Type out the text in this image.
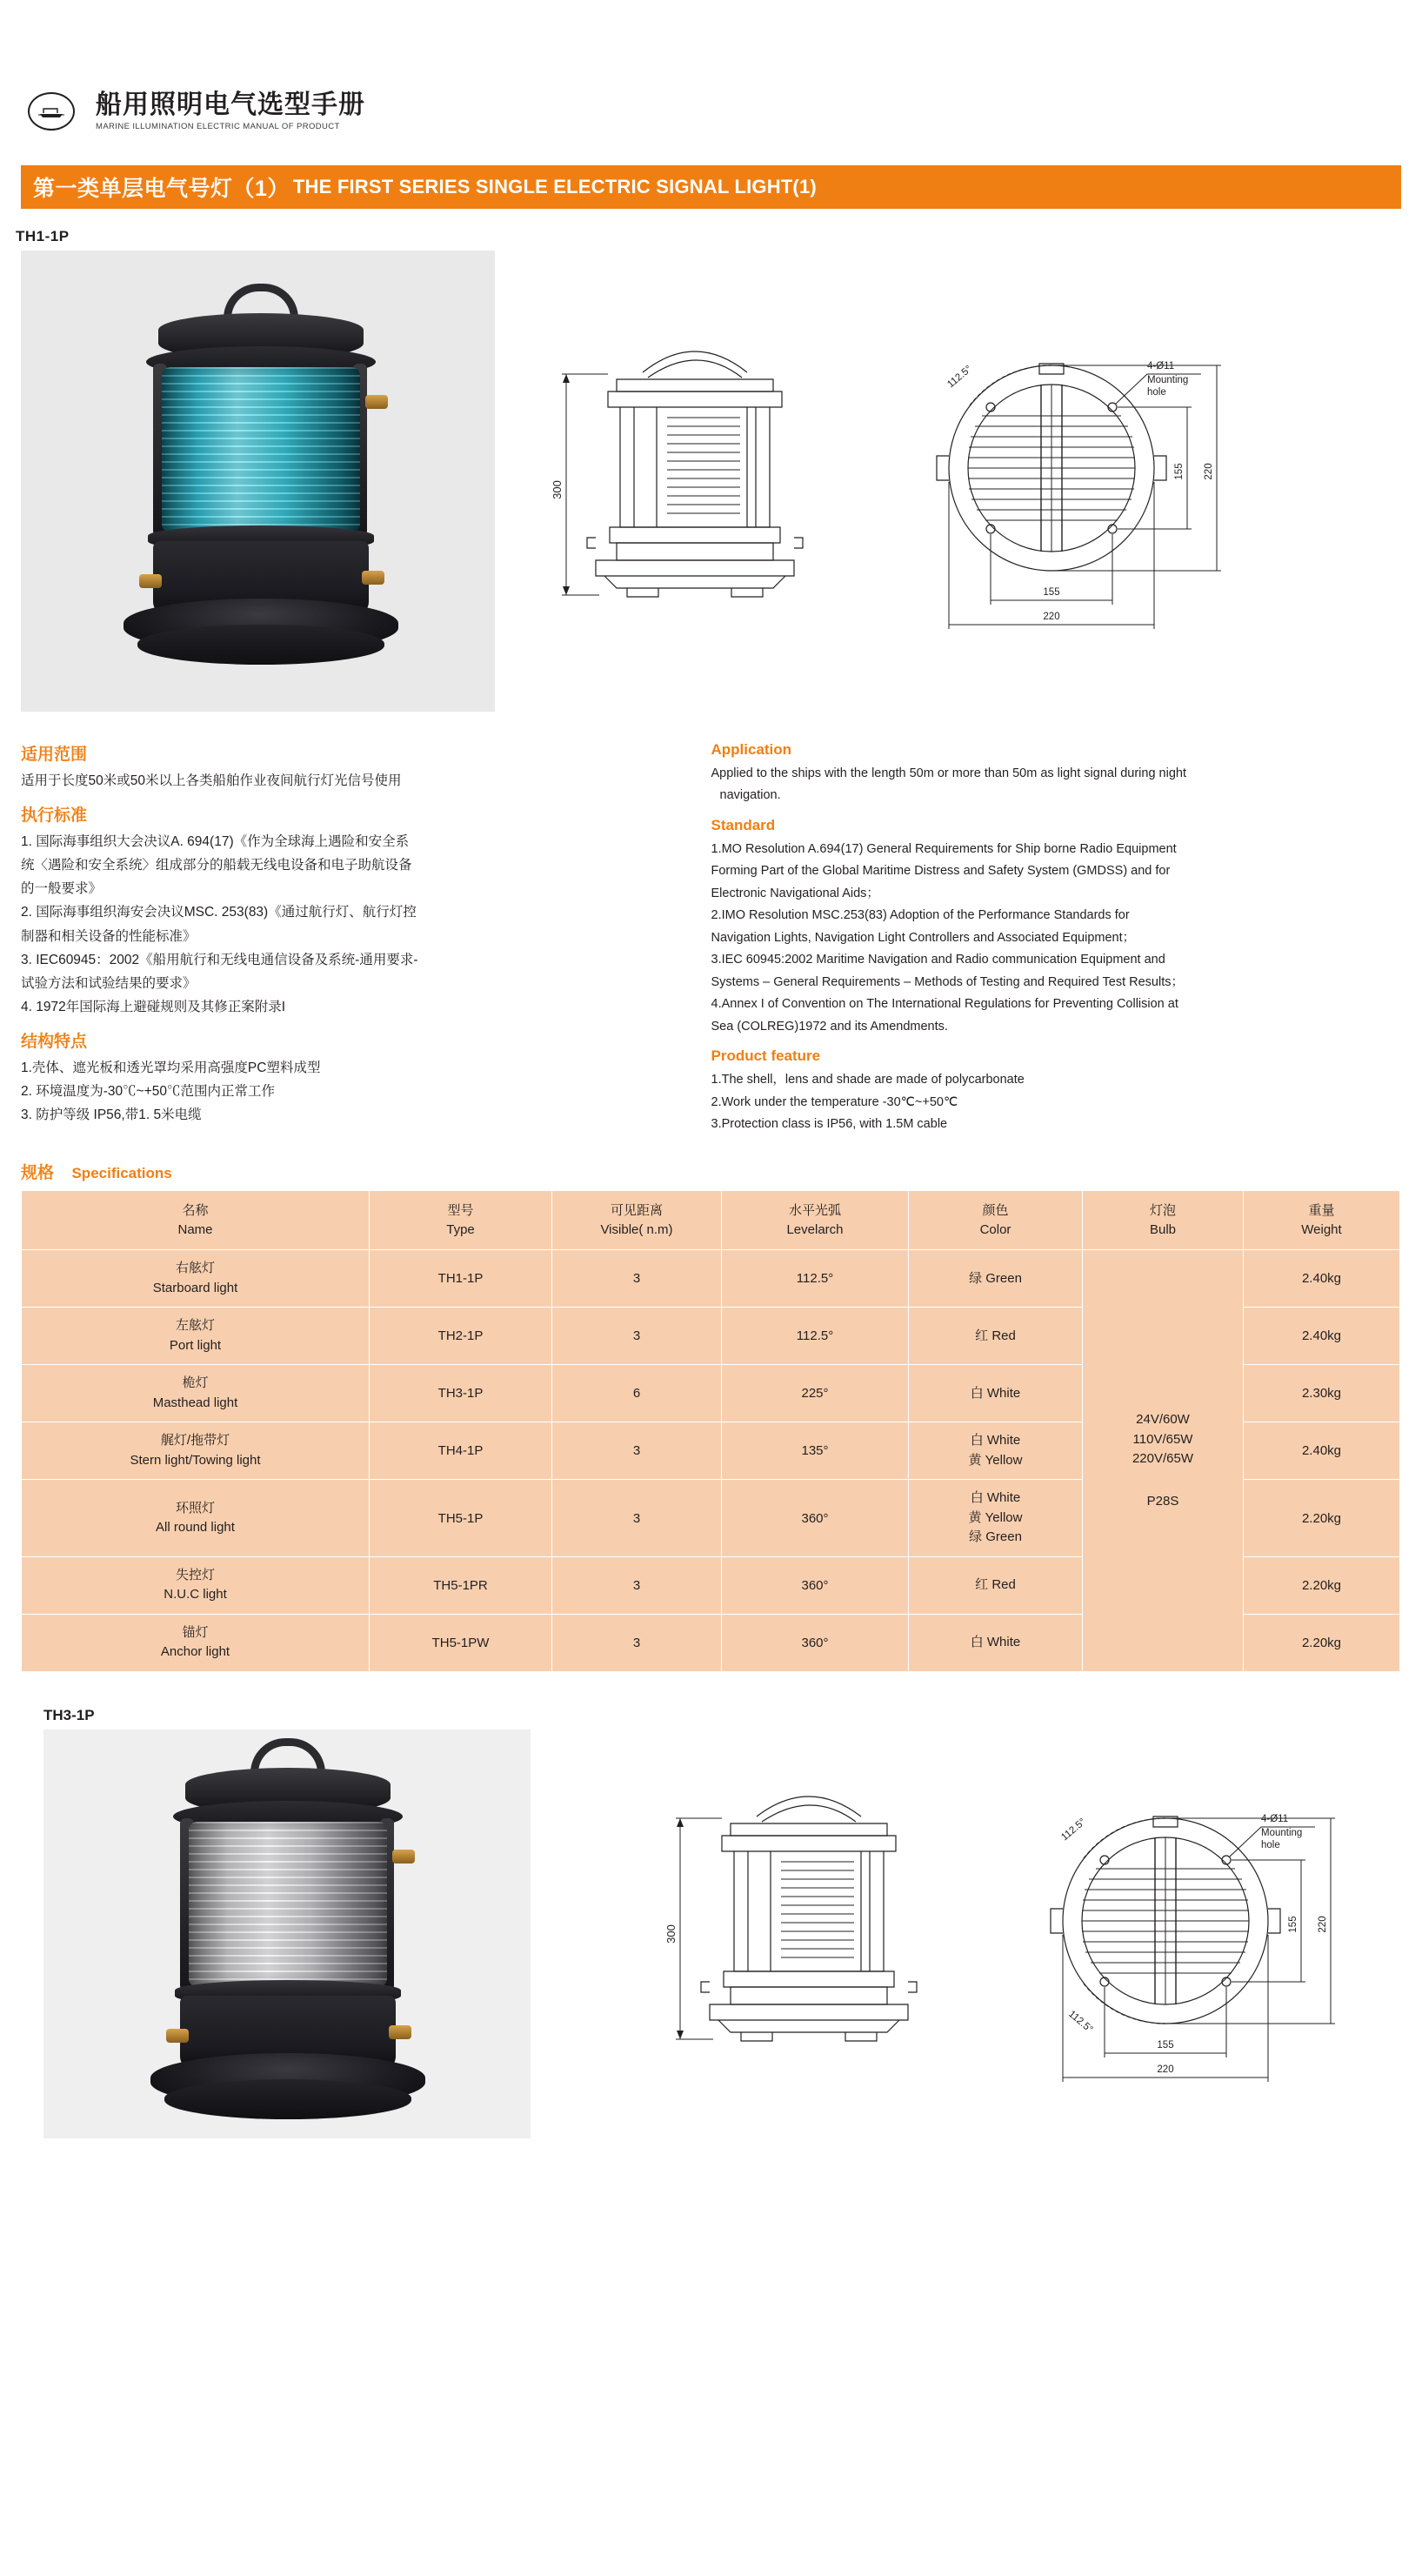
船用照明电气选型手册
MARINE ILLUMINATION ELECTRIC MANUAL OF PRODUCT
第一类单层电气号灯（1） THE FIRST SERIES SINGLE ELECTRIC SIGNAL LIGHT(1)
TH1-1P
300
112.5°	4-Ø11
Mounting
hole
155 220
155
220
适用范围
适用于长度50米或50米以上各类船舶作业夜间航行灯光信号使用
执行标准

1. 国际海事组织大会决议A. 694(17)《作为全球海上遇险和安全系

统〈遇险和安全系统〉组成部分的船载无线电设备和电子助航设备

的一般要求》

2. 国际海事组织海安会决议MSC. 253(83)《通过航行灯、航行灯控

制器和相关设备的性能标准》

3. IEC60945：2002《船用航行和无线电通信设备及系统-通用要求-

试验方法和试验结果的要求》

4. 1972年国际海上避碰规则及其修正案附录I

结构特点

1.壳体、遮光板和透光罩均采用高强度PC塑料成型

2. 环境温度为-30℃~+50℃范围内正常工作

3. 防护等级 IP56,带1. 5米电缆

Application

Applied to the ships with the length 50m or more than 50m as light signal during night

navigation.

Standard

1.MO Resolution A.694(17) General Requirements for Ship borne Radio Equipment

Forming Part of the Global Maritime Distress and Safety System (GMDSS) and for

Electronic Navigational Aids；

2.IMO Resolution MSC.253(83) Adoption of the Performance Standards for

Navigation Lights, Navigation Light Controllers and Associated Equipment；

3.IEC 60945:2002 Maritime Navigation and Radio communication Equipment and

Systems – General Requirements – Methods of Testing and Required Test Results；

4.Annex I of Convention on The International Regulations for Preventing Collision at

Sea (COLREG)1972 and its Amendments.

Product feature

1.The shell，lens and shade are made of polycarbonate

2.Work under the temperature -30℃~+50℃

3.Protection class is IP56, with 1.5M cable

规格 Specifications
名称
Name	型号
Type	可见距离
Visible( n.m)	水平光弧
Levelarch	颜色
Color	灯泡
Bulb	重量
Weight

右舷灯
Starboard light	TH1-1P	3	112.5°	绿 Green	24V/60W
110V/65W
220V/65W
P28S	2.40kg

左舷灯
Port light	TH2-1P	3	112.5°	红 Red		2.40kg

桅灯
Masthead light	TH3-1P	6	225°	白 White		2.30kg

艉灯/拖带灯
Stern light/Towing light	TH4-1P	3	135°	白 White
黄 Yellow		2.40kg

环照灯
All round light	TH5-1P	3	360°	白 White
黄 Yellow
绿 Green		2.20kg

失控灯
N.U.C light	TH5-1PR	3	360°	红 Red		2.20kg

锚灯
Anchor light	TH5-1PW	3	360°	白 White		2.20kg
TH3-1P
300
112.5°
112.5°
4-Ø11
Mounting
hole
155 220
155
220
